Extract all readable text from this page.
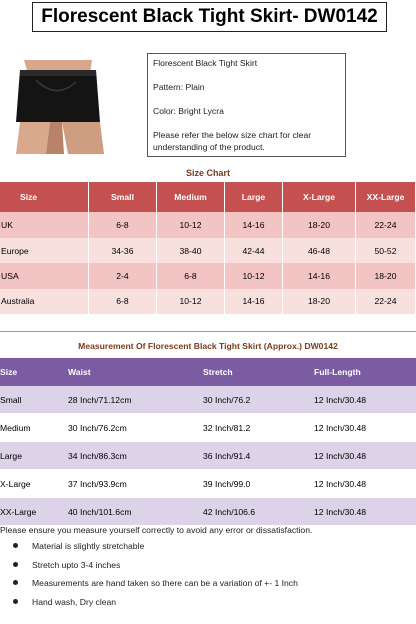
Florescent Black Tight Skirt- DW0142
Florescent Black Tight Skirt
Pattern: Plain
Color: Bright Lycra
Please refer the below size chart for clear understanding of the product.
Size Chart
Size	Small	Medium	Large	X-Large	XX-Large
UK	6-8	10-12	14-16	18-20	22-24
Europe	34-36	38-40	42-44	46-48	50-52
USA	2-4	6-8	10-12	14-16	18-20
Australia	6-8	10-12	14-16	18-20	22-24
Measurement Of Florescent Black Tight Skirt (Approx.) DW0142
Size	Waist	Stretch	Full-Length
Small	28 Inch/71.12cm	30 Inch/76.2	12 Inch/30.48
Medium	30 Inch/76.2cm	32 Inch/81.2	12 Inch/30.48
Large	34 Inch/86.3cm	36 Inch/91.4	12 Inch/30.48
X-Large	37 Inch/93.9cm	39 Inch/99.0	12 Inch/30.48
XX-Large	40 Inch/101.6cm	42 Inch/106.6	12 Inch/30.48
Please ensure you measure yourself correctly to avoid any error or dissatisfaction.
Material is slightly stretchable
Stretch upto 3-4 inches
Measurements are hand taken so there can be a variation of +- 1 Inch
Hand wash, Dry clean
